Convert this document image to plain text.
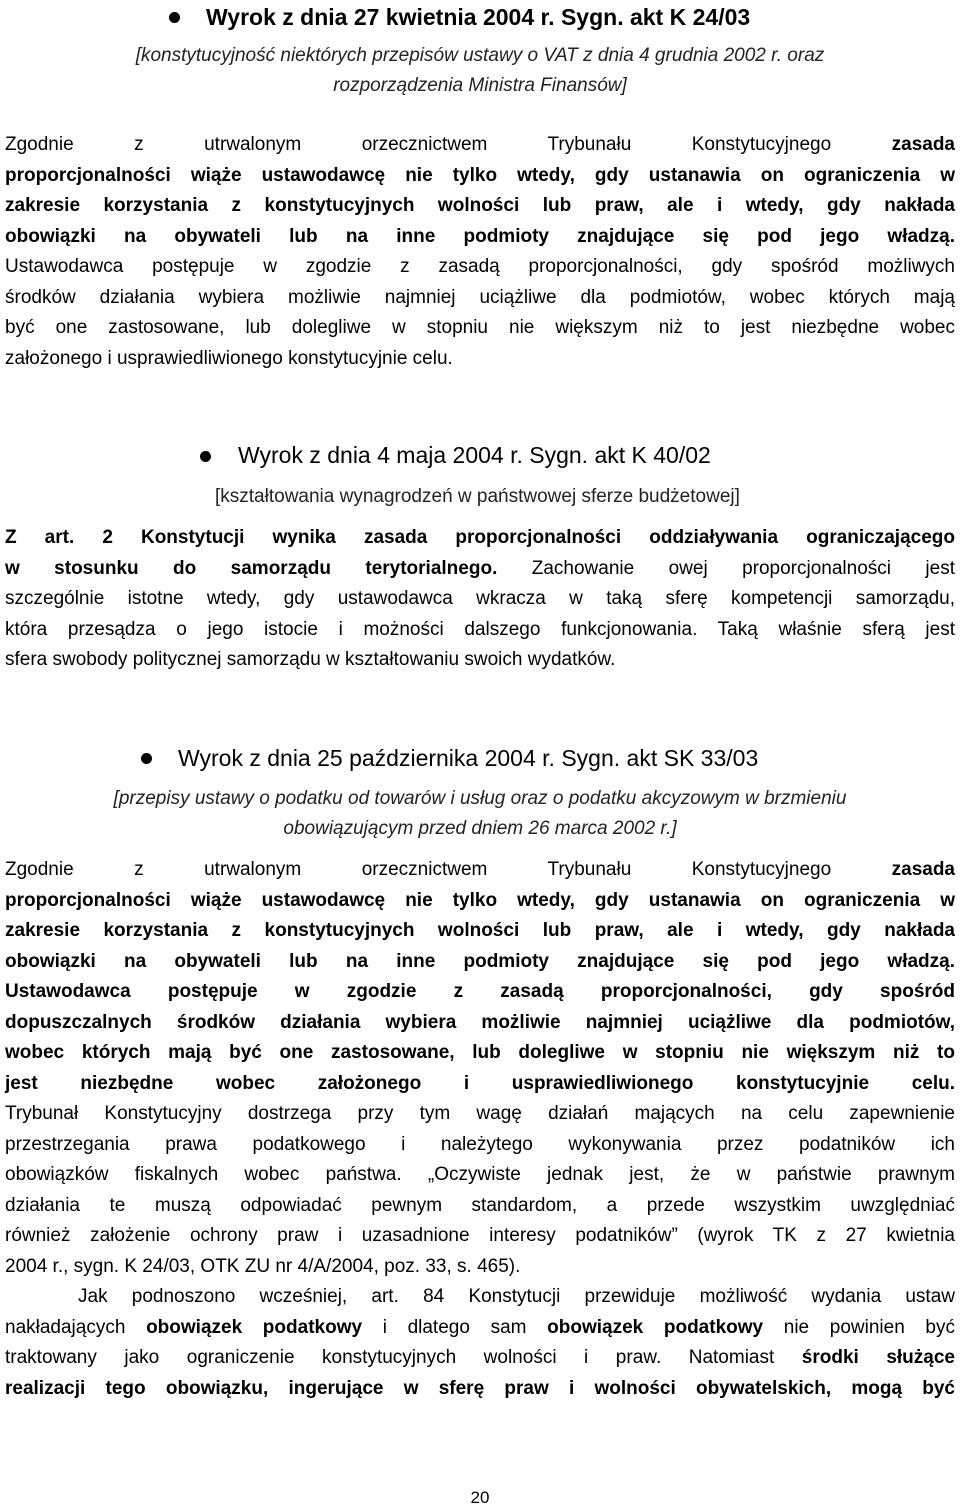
Wyrok z dnia 27 kwietnia 2004 r. Sygn. akt K 24/03
[konstytucyjność niektórych przepisów ustawy o VAT z dnia 4 grudnia 2002 r. oraz
rozporządzenia Ministra Finansów]

Zgodnie z utrwalonym orzecznictwem Trybunału Konstytucyjnego zasada

proporcjonalności wiąże ustawodawcę nie tylko wtedy, gdy ustanawia on ograniczenia w

zakresie korzystania z konstytucyjnych wolności lub praw, ale i wtedy, gdy nakłada

obowiązki na obywateli lub na inne podmioty znajdujące się pod jego władzą.

Ustawodawca postępuje w zgodzie z zasadą proporcjonalności, gdy spośród możliwych

środków działania wybiera możliwie najmniej uciążliwe dla podmiotów, wobec których mają

być one zastosowane, lub dolegliwe w stopniu nie większym niż to jest niezbędne wobec

założonego i usprawiedliwionego konstytucyjnie celu.

Wyrok z dnia 4 maja 2004 r. Sygn. akt K 40/02
[kształtowania wynagrodzeń w państwowej sferze budżetowej]

Z art. 2 Konstytucji wynika zasada proporcjonalności oddziaływania ograniczającego

w stosunku do samorządu terytorialnego. Zachowanie owej proporcjonalności jest

szczególnie istotne wtedy, gdy ustawodawca wkracza w taką sferę kompetencji samorządu,

która przesądza o jego istocie i możności dalszego funkcjonowania. Taką właśnie sferą jest

sfera swobody politycznej samorządu w kształtowaniu swoich wydatków.

Wyrok z dnia 25 października 2004 r. Sygn. akt SK 33/03
[przepisy ustawy o podatku od towarów i usług oraz o podatku akcyzowym w brzmieniu
obowiązującym przed dniem 26 marca 2002 r.]

Zgodnie z utrwalonym orzecznictwem Trybunału Konstytucyjnego zasada

proporcjonalności wiąże ustawodawcę nie tylko wtedy, gdy ustanawia on ograniczenia w

zakresie korzystania z konstytucyjnych wolności lub praw, ale i wtedy, gdy nakłada

obowiązki na obywateli lub na inne podmioty znajdujące się pod jego władzą.

Ustawodawca postępuje w zgodzie z zasadą proporcjonalności, gdy spośród

dopuszczalnych środków działania wybiera możliwie najmniej uciążliwe dla podmiotów,

wobec których mają być one zastosowane, lub dolegliwe w stopniu nie większym niż to

jest niezbędne wobec założonego i usprawiedliwionego konstytucyjnie celu.

Trybunał Konstytucyjny dostrzega przy tym wagę działań mających na celu zapewnienie

przestrzegania prawa podatkowego i należytego wykonywania przez podatników ich

obowiązków fiskalnych wobec państwa. „Oczywiste jednak jest, że w państwie prawnym

działania te muszą odpowiadać pewnym standardom, a przede wszystkim uwzględniać

również założenie ochrony praw i uzasadnione interesy podatników” (wyrok TK z 27 kwietnia

2004 r., sygn. K 24/03, OTK ZU nr 4/A/2004, poz. 33, s. 465).

Jak podnoszono wcześniej, art. 84 Konstytucji przewiduje możliwość wydania ustaw

nakładających obowiązek podatkowy i dlatego sam obowiązek podatkowy nie powinien być

traktowany jako ograniczenie konstytucyjnych wolności i praw. Natomiast środki służące

realizacji tego obowiązku, ingerujące w sferę praw i wolności obywatelskich, mogą być

20
